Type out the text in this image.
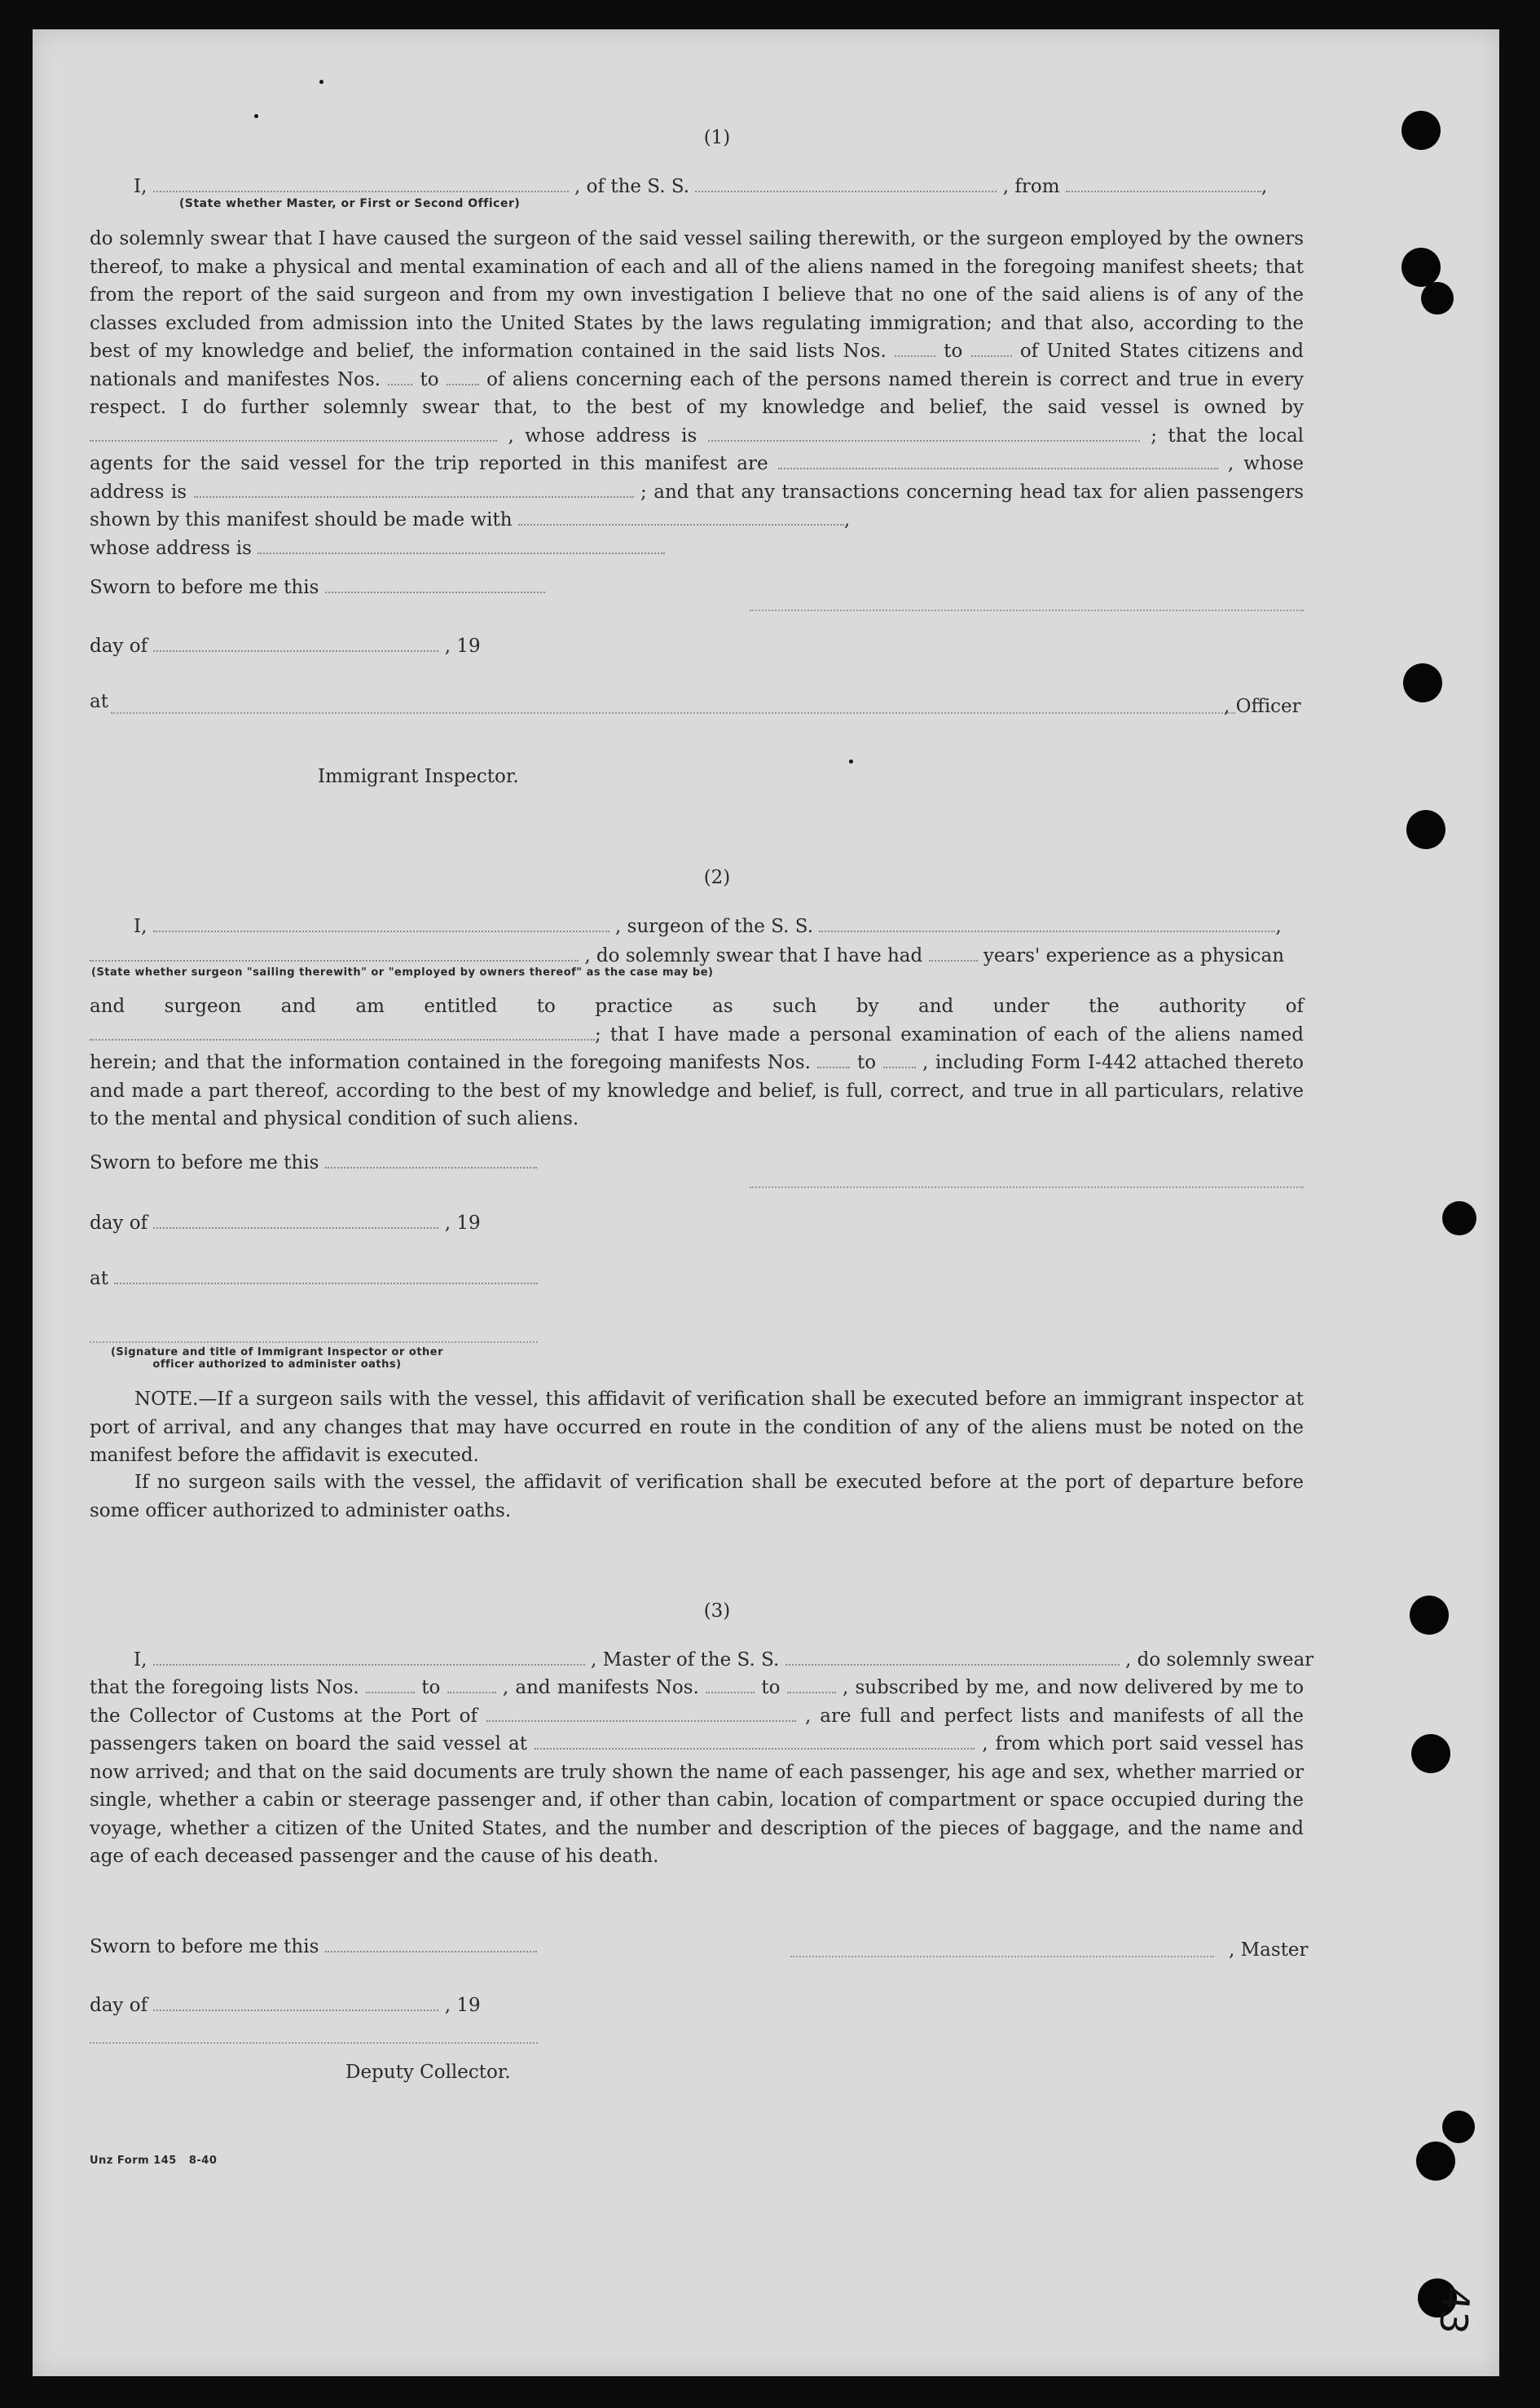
(1)
I,	, of the S. S.	, from	,
(State whether Master, or First or Second Officer)
do solemnly swear that I have caused the surgeon of the said vessel sailing therewith, or the surgeon employed by the owners thereof, to make a physical and mental examination of each and all of the aliens named in the foregoing manifest sheets; that from the report of the said surgeon and from my own investigation I believe that no one of the said aliens is of any of the classes excluded from admission into the United States by the laws regulating immigration; and that also, according to the best of my knowledge and belief, the information contained in the said lists Nos.	to	of United States citizens and nationals and manifestes Nos. to	of aliens concerning each of the persons named therein is correct and true in every respect. I do further solemnly swear that, to the best of my knowledge and belief, the said vessel is owned by  , whose address is	; that the local agents for the said vessel for the trip reported in this manifest are	, whose address is	; and that any transactions concerning head tax for alien passengers shown by this manifest should be made with	,
whose address is
Sworn to before me this
day of	, 19
at	, Officer
Immigrant Inspector.
(2)
I,	, surgeon of the S. S.	,
, do solemnly swear that I have had	years' experience as a physican
(State whether surgeon "sailing therewith" or "employed by owners thereof" as the case may be)
and surgeon and am entitled to practice as such by and under the authority of ; that I have made a personal examination of each of the aliens named herein; and that the information contained in the foregoing manifests Nos. to , including Form I-442 attached thereto and made a part thereof, according to the best of my knowledge and belief, is full, correct, and true in all particulars, relative to the mental and physical condition of such aliens.
Sworn to before me this
day of	, 19
at
(Signature and title of Immigrant Inspector or other
officer authorized to administer oaths)
NOTE.—If a surgeon sails with the vessel, this affidavit of verification shall be executed before an immigrant inspector at port of arrival, and any changes that may have occurred en route in the condition of any of the aliens must be noted on the manifest before the affidavit is executed.
If no surgeon sails with the vessel, the affidavit of verification shall be executed before at the port of departure before some officer authorized to administer oaths.
(3)
I,	, Master of the S. S.	, do solemnly swear
that the foregoing lists Nos.	to	, and manifests Nos.	to	, subscribed by me, and now delivered by me to the Collector of Customs at the Port of	, are full and perfect lists and manifests of all the passengers taken on board the said vessel at	, from which port said vessel has now arrived; and that on the said documents are truly shown the name of each passenger, his age and sex, whether married or single, whether a cabin or steerage passenger and, if other than cabin, location of compartment or space occupied during the voyage, whether a citizen of the United States, and the number and description of the pieces of baggage, and the name and age of each deceased passenger and the cause of his death.
Sworn to before me this	, Master
day of	, 19
Deputy Collector.
Unz Form 145 8-40
43
